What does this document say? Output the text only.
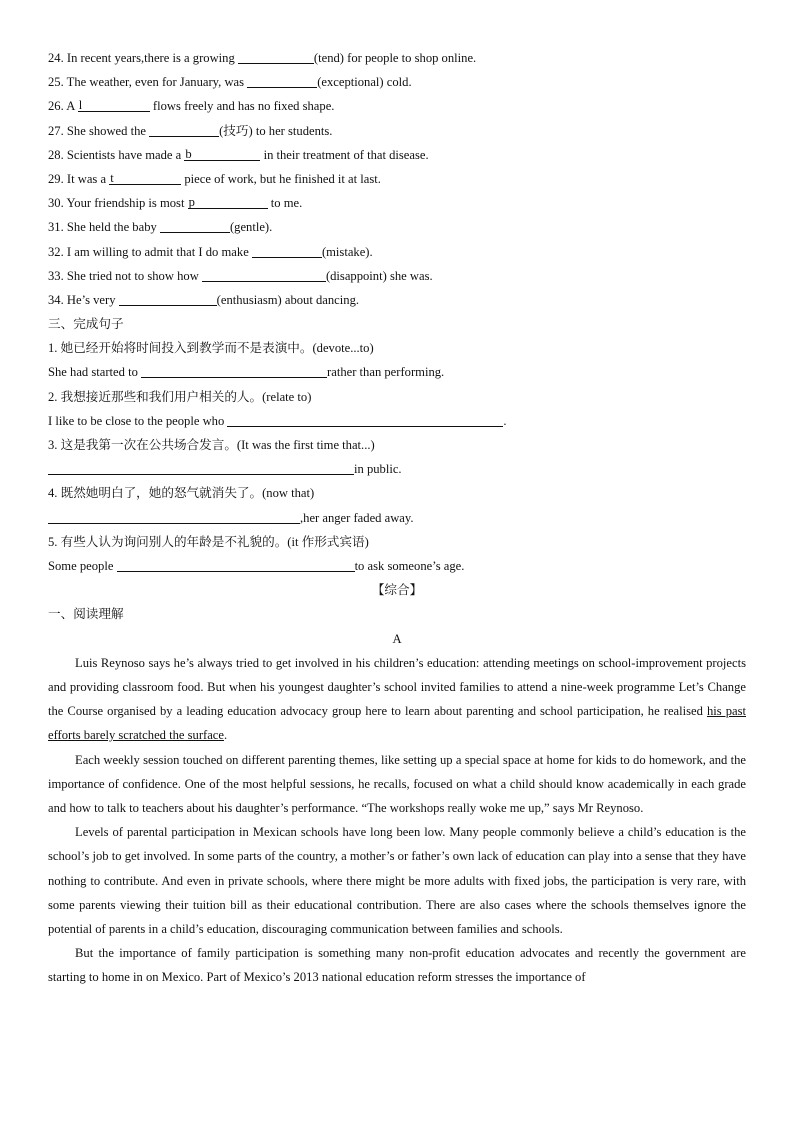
24. In recent years,there is a growing	(tend) for people to shop online.
25. The weather, even for January, was	(exceptional) cold.
26. A l	flows freely and has no fixed shape.
27. She showed the	(技巧) to her students.
28. Scientists have made a b	in their treatment of that disease.
29. It was a t	piece of work, but he finished it at last.
30. Your friendship is most p	to me.
31. She held the baby	(gentle).
32. I am willing to admit that I do make	(mistake).
33. She tried not to show how	(disappoint) she was.
34. He’s very	(enthusiasm) about dancing.
三、完成句子
1. 她已经开始将时间投入到教学而不是表演中。(devote...to)
She had started to	rather than performing.
2. 我想接近那些和我们用户相关的人。(relate to)
I like to be close to the people who	.
3. 这是我第一次在公共场合发言。(It was the first time that...)
in public.
4. 既然她明白了，她的怒气就消失了。(now that)
,her anger faded away.
5. 有些人认为询问别人的年龄是不礼貌的。(it 作形式宾语)
Some people	to ask someone’s age.
【综合】
一、阅读理解
A

Luis Reynoso says he’s always tried to get involved in his children’s education: attending meetings on school-improvement projects and providing classroom food. But when his youngest daughter’s school invited families to attend a nine-week programme Let’s Change the Course organised by a leading education advocacy group here to learn about parenting and school participation, he realised his past efforts barely scratched the surface.

Each weekly session touched on different parenting themes, like setting up a special space at home for kids to do homework, and the importance of confidence. One of the most helpful sessions, he recalls, focused on what a child should know academically in each grade and how to talk to teachers about his daughter’s performance. “The workshops really woke me up,” says Mr Reynoso.

Levels of parental participation in Mexican schools have long been low. Many people commonly believe a child’s education is the school’s job to get involved. In some parts of the country, a mother’s or father’s own lack of education can play into a sense that they have nothing to contribute. And even in private schools, where there might be more adults with fixed jobs, the participation is very rare, with some parents viewing their tuition bill as their educational contribution. There are also cases where the schools themselves ignore the potential of parents in a child’s education, discouraging communication between families and schools.

But the importance of family participation is something many non-profit education advocates and recently the government are starting to home in on Mexico. Part of Mexico’s 2013 national education reform stresses the importance of
